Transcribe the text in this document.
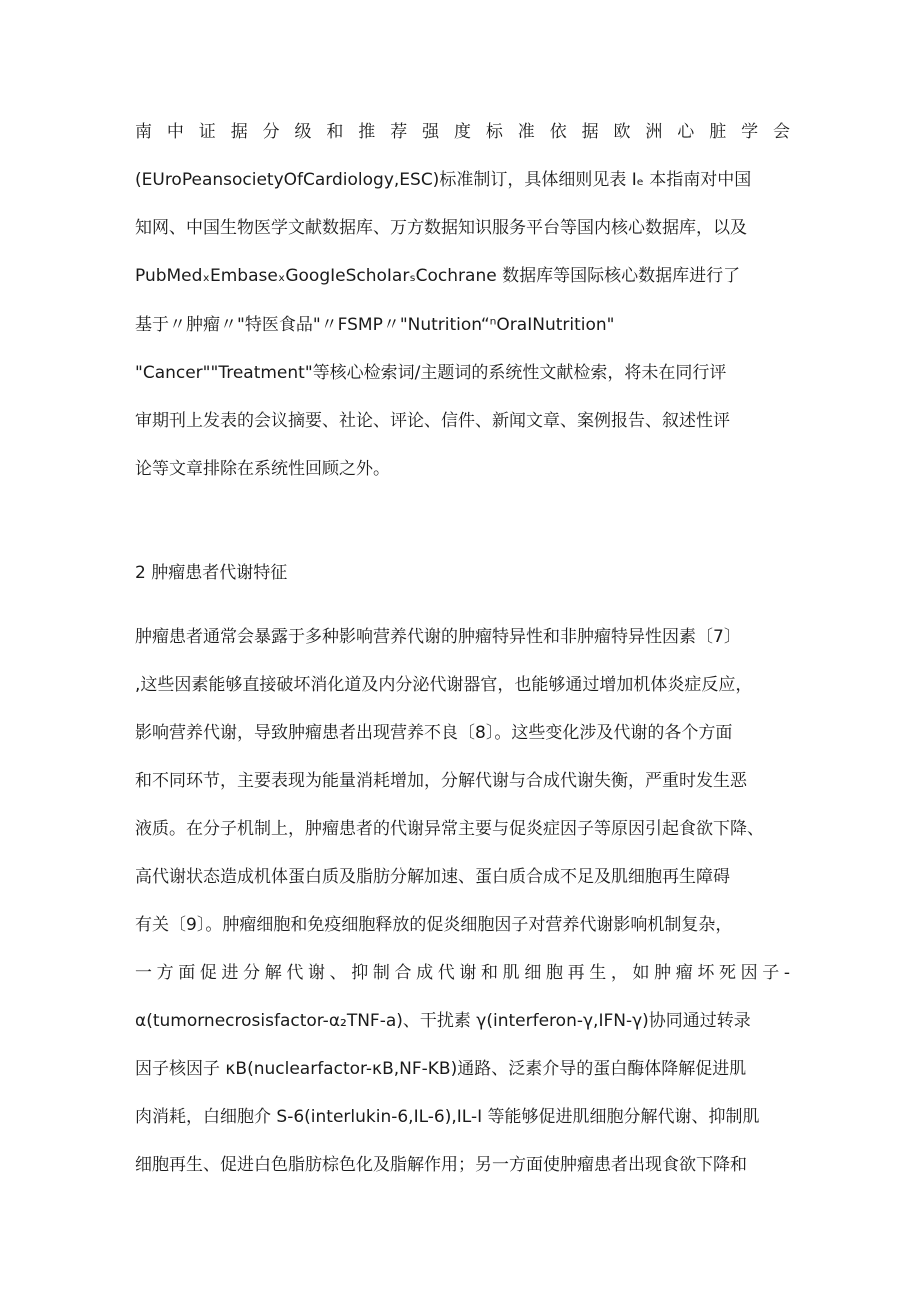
南中证据分级和推荐强度标准依据欧洲心脏学会
(EUroPeansocietyOfCardiology,ESC)标准制订，具体细则见表 Iₑ 本指南对中国
知网、中国生物医学文献数据库、万方数据知识服务平台等国内核心数据库，以及
PubMedₓEmbaseₓGoogIeSchoIarₛCochrane 数据库等国际核心数据库进行了
基于〃肿瘤〃"特医食品"〃FSMP〃"Nutrition“ⁿOraINutrition"
"Cancer""Treatment"等核心检索词/主题词的系统性文献检索，将未在同行评
审期刊上发表的会议摘要、社论、评论、信件、新闻文章、案例报告、叙述性评
论等文章排除在系统性回顾之外。
2 肿瘤患者代谢特征
肿瘤患者通常会暴露于多种影响营养代谢的肿瘤特异性和非肿瘤特异性因素〔7〕
,这些因素能够直接破坏消化道及内分泌代谢器官，也能够通过增加机体炎症反应，
影响营养代谢，导致肿瘤患者出现营养不良〔8〕。这些变化涉及代谢的各个方面
和不同环节，主要表现为能量消耗增加，分解代谢与合成代谢失衡，严重时发生恶
液质。在分子机制上，肿瘤患者的代谢异常主要与促炎症因子等原因引起食欲下降、
高代谢状态造成机体蛋白质及脂肪分解加速、蛋白质合成不足及肌细胞再生障碍
有关〔9〕。肿瘤细胞和免疫细胞释放的促炎细胞因子对营养代谢影响机制复杂，
一方面促进分解代谢、抑制合成代谢和肌细胞再生，如肿瘤坏死因子-
α(tumornecrosisfactor-α₂TNF-a)、干扰素 γ(interferon-γ,IFN-γ)协同通过转录
因子核因子 κB(nuclearfactor-κB,NF-KB)通路、泛素介导的蛋白酶体降解促进肌
肉消耗，白细胞介 S-6(interlukin-6,IL-6),IL-I 等能够促进肌细胞分解代谢、抑制肌
细胞再生、促进白色脂肪棕色化及脂解作用；另一方面使肿瘤患者出现食欲下降和
